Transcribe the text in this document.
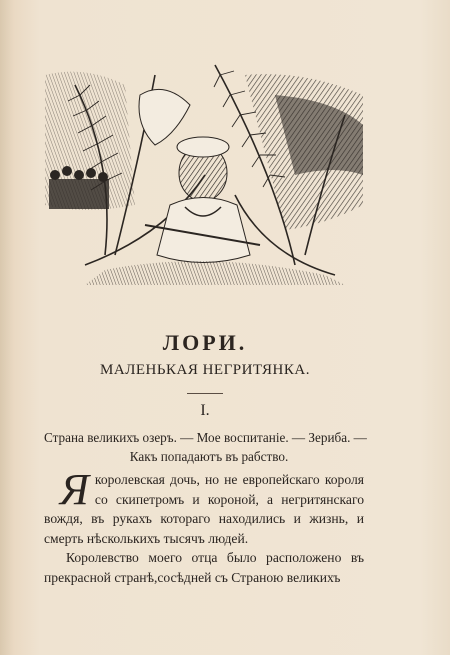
ЛОРИ.
МАЛЕНЬКАЯ НЕГРИТЯНКА.
I.
Страна великихъ озеръ. — Мое воспитаніе. — Зериба. —
Какъ попадаютъ въ рабство.

Якоролевская дочь, но не европейскаго короля со скипетромъ и короной, а негритянскаго вождя, въ рукахъ котораго находились и жизнь, и смерть нѣсколькихъ тысячъ людей.

Королевство моего отца было расположено въ прекрасной странѣ,сосѣдней съ Страною великихъ
